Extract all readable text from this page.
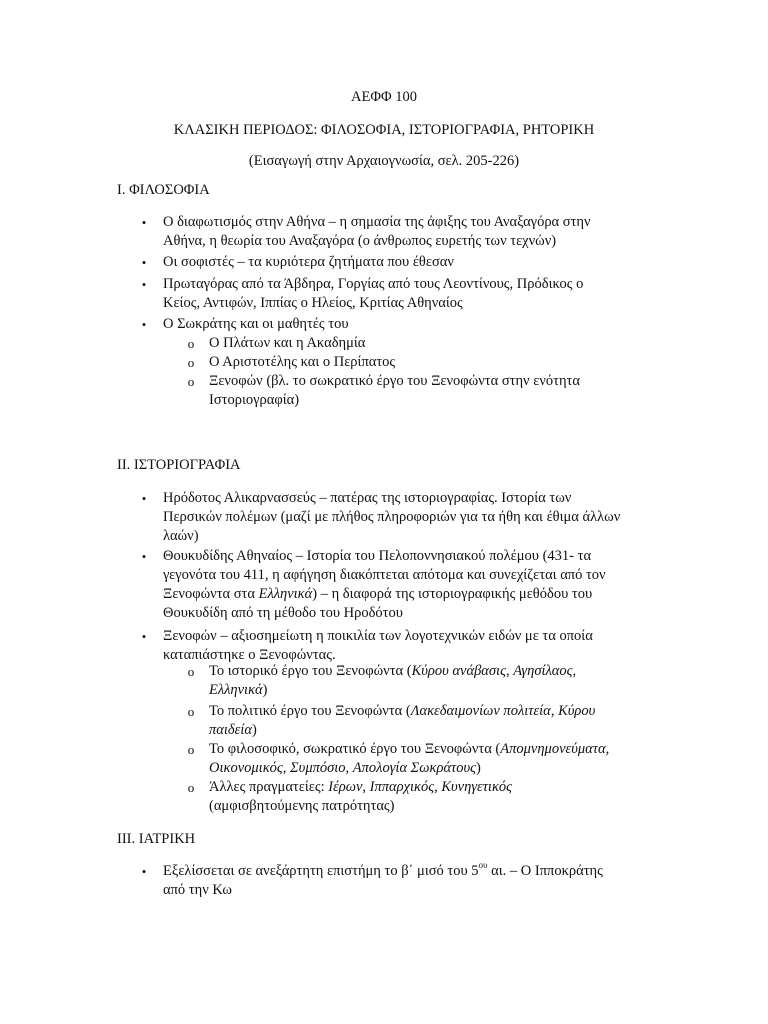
ΑΕΦΦ 100
ΚΛΑΣΙΚΗ ΠΕΡΙΟΔΟΣ: ΦΙΛΟΣΟΦΙΑ, ΙΣΤΟΡΙΟΓΡΑΦΙΑ, ΡΗΤΟΡΙΚΗ
(Εισαγωγή στην Αρχαιογνωσία, σελ. 205-226)
Ι. ΦΙΛΟΣΟΦΙΑ
• Ο διαφωτισμός στην Αθήνα – η σημασία της άφιξης του Αναξαγόρα στην
Αθήνα, η θεωρία του Αναξαγόρα (ο άνθρωπος ευρετής των τεχνών)
• Οι σοφιστές – τα κυριότερα ζητήματα που έθεσαν
• Πρωταγόρας από τα Άβδηρα, Γοργίας από τους Λεοντίνους, Πρόδικος ο
Κείος, Αντιφών, Ιππίας ο Ηλείος, Κριτίας Αθηναίος
• Ο Σωκράτης και οι μαθητές του
o Ο Πλάτων και η Ακαδημία
o Ο Αριστοτέλης και ο Περίπατος
o Ξενοφών (βλ. το σωκρατικό έργο του Ξενοφώντα στην ενότητα
Ιστοριογραφία)
ΙΙ. ΙΣΤΟΡΙΟΓΡΑΦΙΑ
• Ηρόδοτος Αλικαρνασσεύς – πατέρας της ιστοριογραφίας. Ιστορία των
Περσικών πολέμων (μαζί με πλήθος πληροφοριών για τα ήθη και έθιμα άλλων
λαών)
• Θουκυδίδης Αθηναίος – Ιστορία του Πελοποννησιακού πολέμου (431- τα
γεγονότα του 411, η αφήγηση διακόπτεται απότομα και συνεχίζεται από τον
Ξενοφώντα στα Ελληνικά) – η διαφορά της ιστοριογραφικής μεθόδου του
Θουκυδίδη από τη μέθοδο του Ηροδότου
• Ξενοφών – αξιοσημείωτη η ποικιλία των λογοτεχνικών ειδών με τα οποία
καταπιάστηκε ο Ξενοφώντας.
o Το ιστορικό έργο του Ξενοφώντα (Κύρου ανάβασις, Αγησίλαος,
Ελληνικά)
o Το πολιτικό έργο του Ξενοφώντα (Λακεδαιμονίων πολιτεία, Κύρου
παιδεία)
o Το φιλοσοφικό, σωκρατικό έργο του Ξενοφώντα (Απομνημονεύματα,
Οικονομικός, Συμπόσιο, Απολογία Σωκράτους)
o Άλλες πραγματείες: Ιέρων, Ιππαρχικός, Κυνηγετικός
(αμφισβητούμενης πατρότητας)
ΙΙΙ. ΙΑΤΡΙΚΗ
• Εξελίσσεται σε ανεξάρτητη επιστήμη το β΄ μισό του $5^{o\upsilon}$ αι. – Ο Ιπποκράτης
από την Κω
